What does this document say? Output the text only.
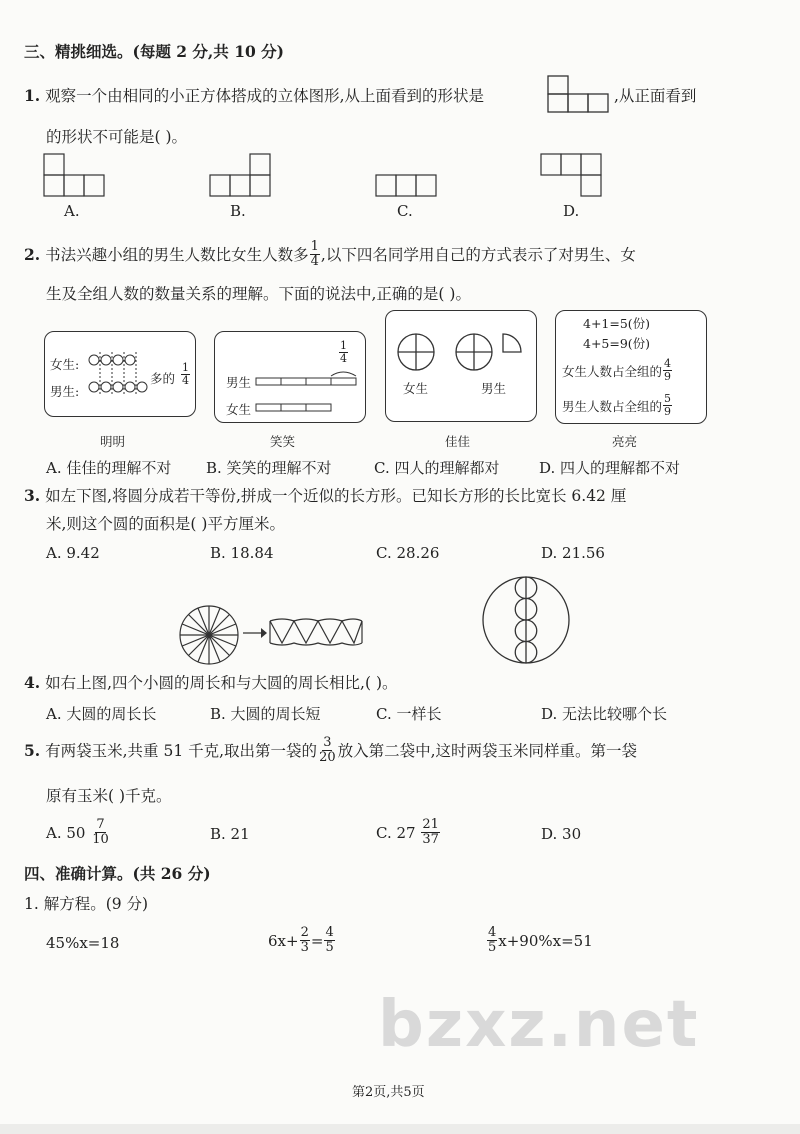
三、精挑细选。(每题 2 分,共 10 分)
1. 观察一个由相同的小正方体搭成的立体图形,从上面看到的形状是	,从正面看到
的形状不可能是( )。
A.	B.	C.	D.
2.
书法兴趣小组的男生人数比女生人数多 $\frac{1}{4}$ ,以下四名同学用自己的方式表示了对男生、女
生及全组人数的数量关系的理解。下面的说法中,正确的是( )。
女生:
男生:
多的 $\frac{1}{4}$
明明
$\frac{1}{4}$
男生
女生
笑笑
女生	男生
佳佳
4+1=5(份)
4+5=9(份)
女生人数占全组的 $\frac{4}{9}$
男生人数占全组的 $\frac{5}{9}$
亮亮
A. 佳佳的理解不对 B. 笑笑的理解不对	C. 四人的理解都对	D. 四人的理解都不对
3. 如左下图,将圆分成若干等份,拼成一个近似的长方形。已知长方形的长比宽长 6.42 厘
米,则这个圆的面积是( )平方厘米。
A. 9.42	B. 18.84	C. 28.26	D. 21.56
4. 如右上图,四个小圆的周长和与大圆的周长相比,( )。
A. 大圆的周长长	B. 大圆的周长短	C. 一样长	D. 无法比较哪个长
5.
有两袋玉米,共重 51 千克,取出第一袋的 $\frac{3}{20}$ 放入第二袋中,这时两袋玉米同样重。第一袋
原有玉米( )千克。
A. 50
$\frac{7}{10}$	B. 21	C. 27
$\frac{21}{37}$	D. 30
四、准确计算。(共 26 分)
1. 解方程。(9 分)
45%x=18	$6x+ \frac{2}{3} = \frac{4}{5}$	$\frac{4}{5} x+90\%x=51$
bzxz.net
第2页,共5页
